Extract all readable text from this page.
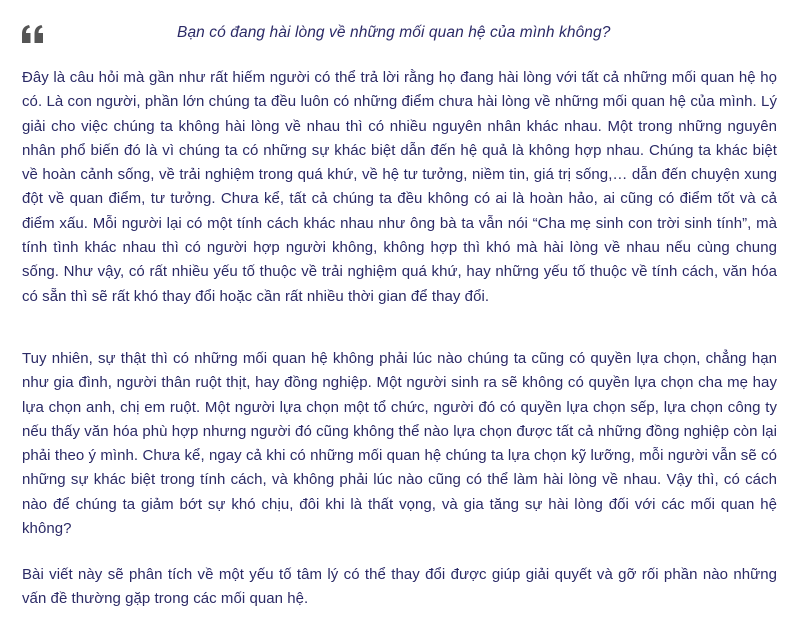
Bạn có đang hài lòng về những mối quan hệ của mình không?

Đây là câu hỏi mà gần như rất hiếm người có thể trả lời rằng họ đang hài lòng với tất cả những mối quan hệ họ có. Là con người, phần lớn chúng ta đều luôn có những điểm chưa hài lòng về những mối quan hệ của mình. Lý giải cho việc chúng ta không hài lòng về nhau thì có nhiều nguyên nhân khác nhau. Một trong những nguyên nhân phổ biến đó là vì chúng ta có những sự khác biệt dẫn đến hệ quả là không hợp nhau. Chúng ta khác biệt về hoàn cảnh sống, về trải nghiệm trong quá khứ, về hệ tư tưởng, niềm tin, giá trị sống,… dẫn đến chuyện xung đột về quan điểm, tư tưởng. Chưa kể, tất cả chúng ta đều không có ai là hoàn hảo, ai cũng có điểm tốt và cả điểm xấu. Mỗi người lại có một tính cách khác nhau như ông bà ta vẫn nói “Cha mẹ sinh con trời sinh tính”, mà tính tình khác nhau thì có người hợp người không, không hợp thì khó mà hài lòng về nhau nếu cùng chung sống. Như vậy, có rất nhiều yếu tố thuộc về trải nghiệm quá khứ, hay những yếu tố thuộc về tính cách, văn hóa có sẵn thì sẽ rất khó thay đổi hoặc cần rất nhiều thời gian để thay đổi.

Tuy nhiên, sự thật thì có những mối quan hệ không phải lúc nào chúng ta cũng có quyền lựa chọn, chẳng hạn như gia đình, người thân ruột thịt, hay đồng nghiệp. Một người sinh ra sẽ không có quyền lựa chọn cha mẹ hay lựa chọn anh, chị em ruột. Một người lựa chọn một tổ chức, người đó có quyền lựa chọn sếp, lựa chọn công ty nếu thấy văn hóa phù hợp nhưng người đó cũng không thể nào lựa chọn được tất cả những đồng nghiệp còn lại phải theo ý mình. Chưa kể, ngay cả khi có những mối quan hệ chúng ta lựa chọn kỹ lưỡng, mỗi người vẫn sẽ có những sự khác biệt trong tính cách, và không phải lúc nào cũng có thể làm hài lòng về nhau. Vậy thì, có cách nào để chúng ta giảm bớt sự khó chịu, đôi khi là thất vọng, và gia tăng sự hài lòng đối với các mối quan hệ không?

Bài viết này sẽ phân tích về một yếu tố tâm lý có thể thay đổi được giúp giải quyết và gỡ rối phần nào những vấn đề thường gặp trong các mối quan hệ.
